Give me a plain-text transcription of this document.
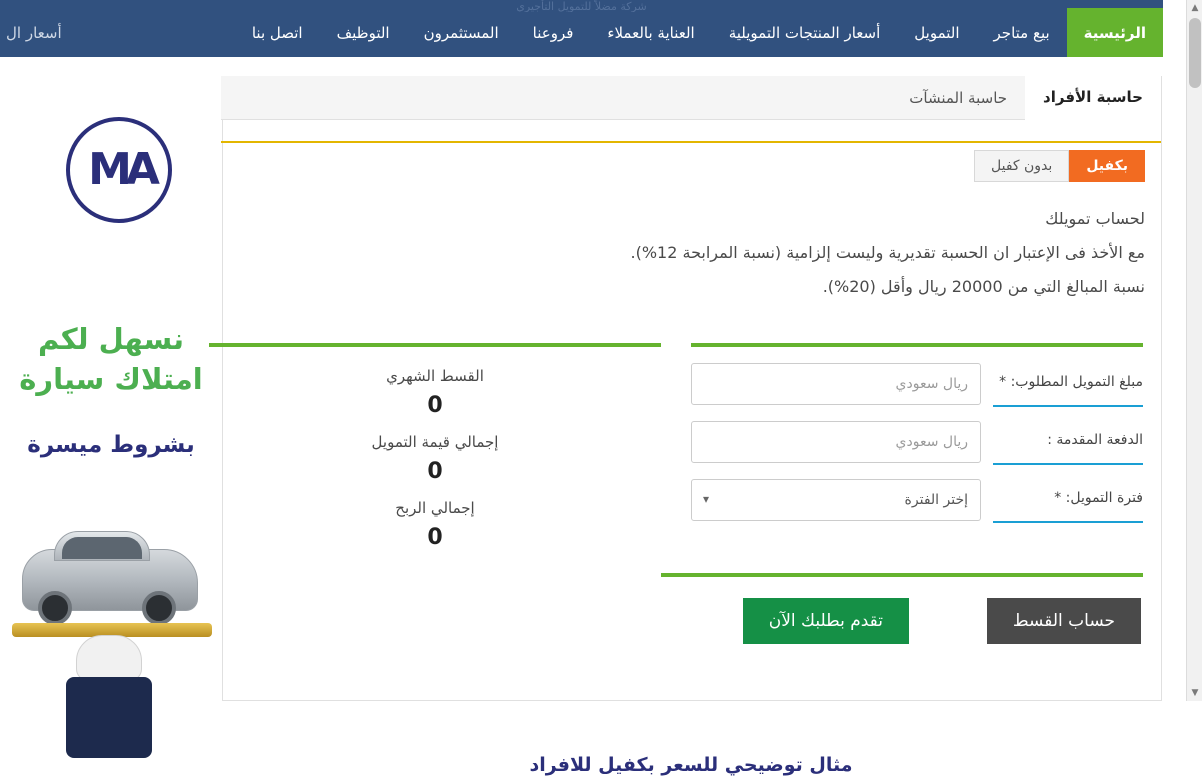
شركة مضلاً للتمويل التأجيري
الرئيسية
بيع متاجر
التمويل
أسعار المنتجات التمويلية
العناية بالعملاء
فروعنا
المستثمرون
التوظيف
اتصل بنا
أسعار ال
▲
▼
MA
نسهل لكم
امتلاك سيارة
بشروط ميسرة
حاسبة الأفراد
حاسبة المنشآت
بكفيل
بدون كفيل
لحساب تمويلك
مع الأخذ فى الإعتبار ان الحسبة تقديرية وليست إلزامية (نسبة المرابحة 12%).
نسبة المبالغ التي من 20000 ريال وأقل (20%).
مبلغ التمويل المطلوب: *
ريال سعودي
الدفعة المقدمة :
ريال سعودي
فترة التمويل: *
إختر الفترة
▾
القسط الشهري
0
إجمالي قيمة التمويل
0
إجمالي الربح
0
حساب القسط
تقدم بطلبك الآن
مثال توضيحي للسعر بكفيل للافراد
